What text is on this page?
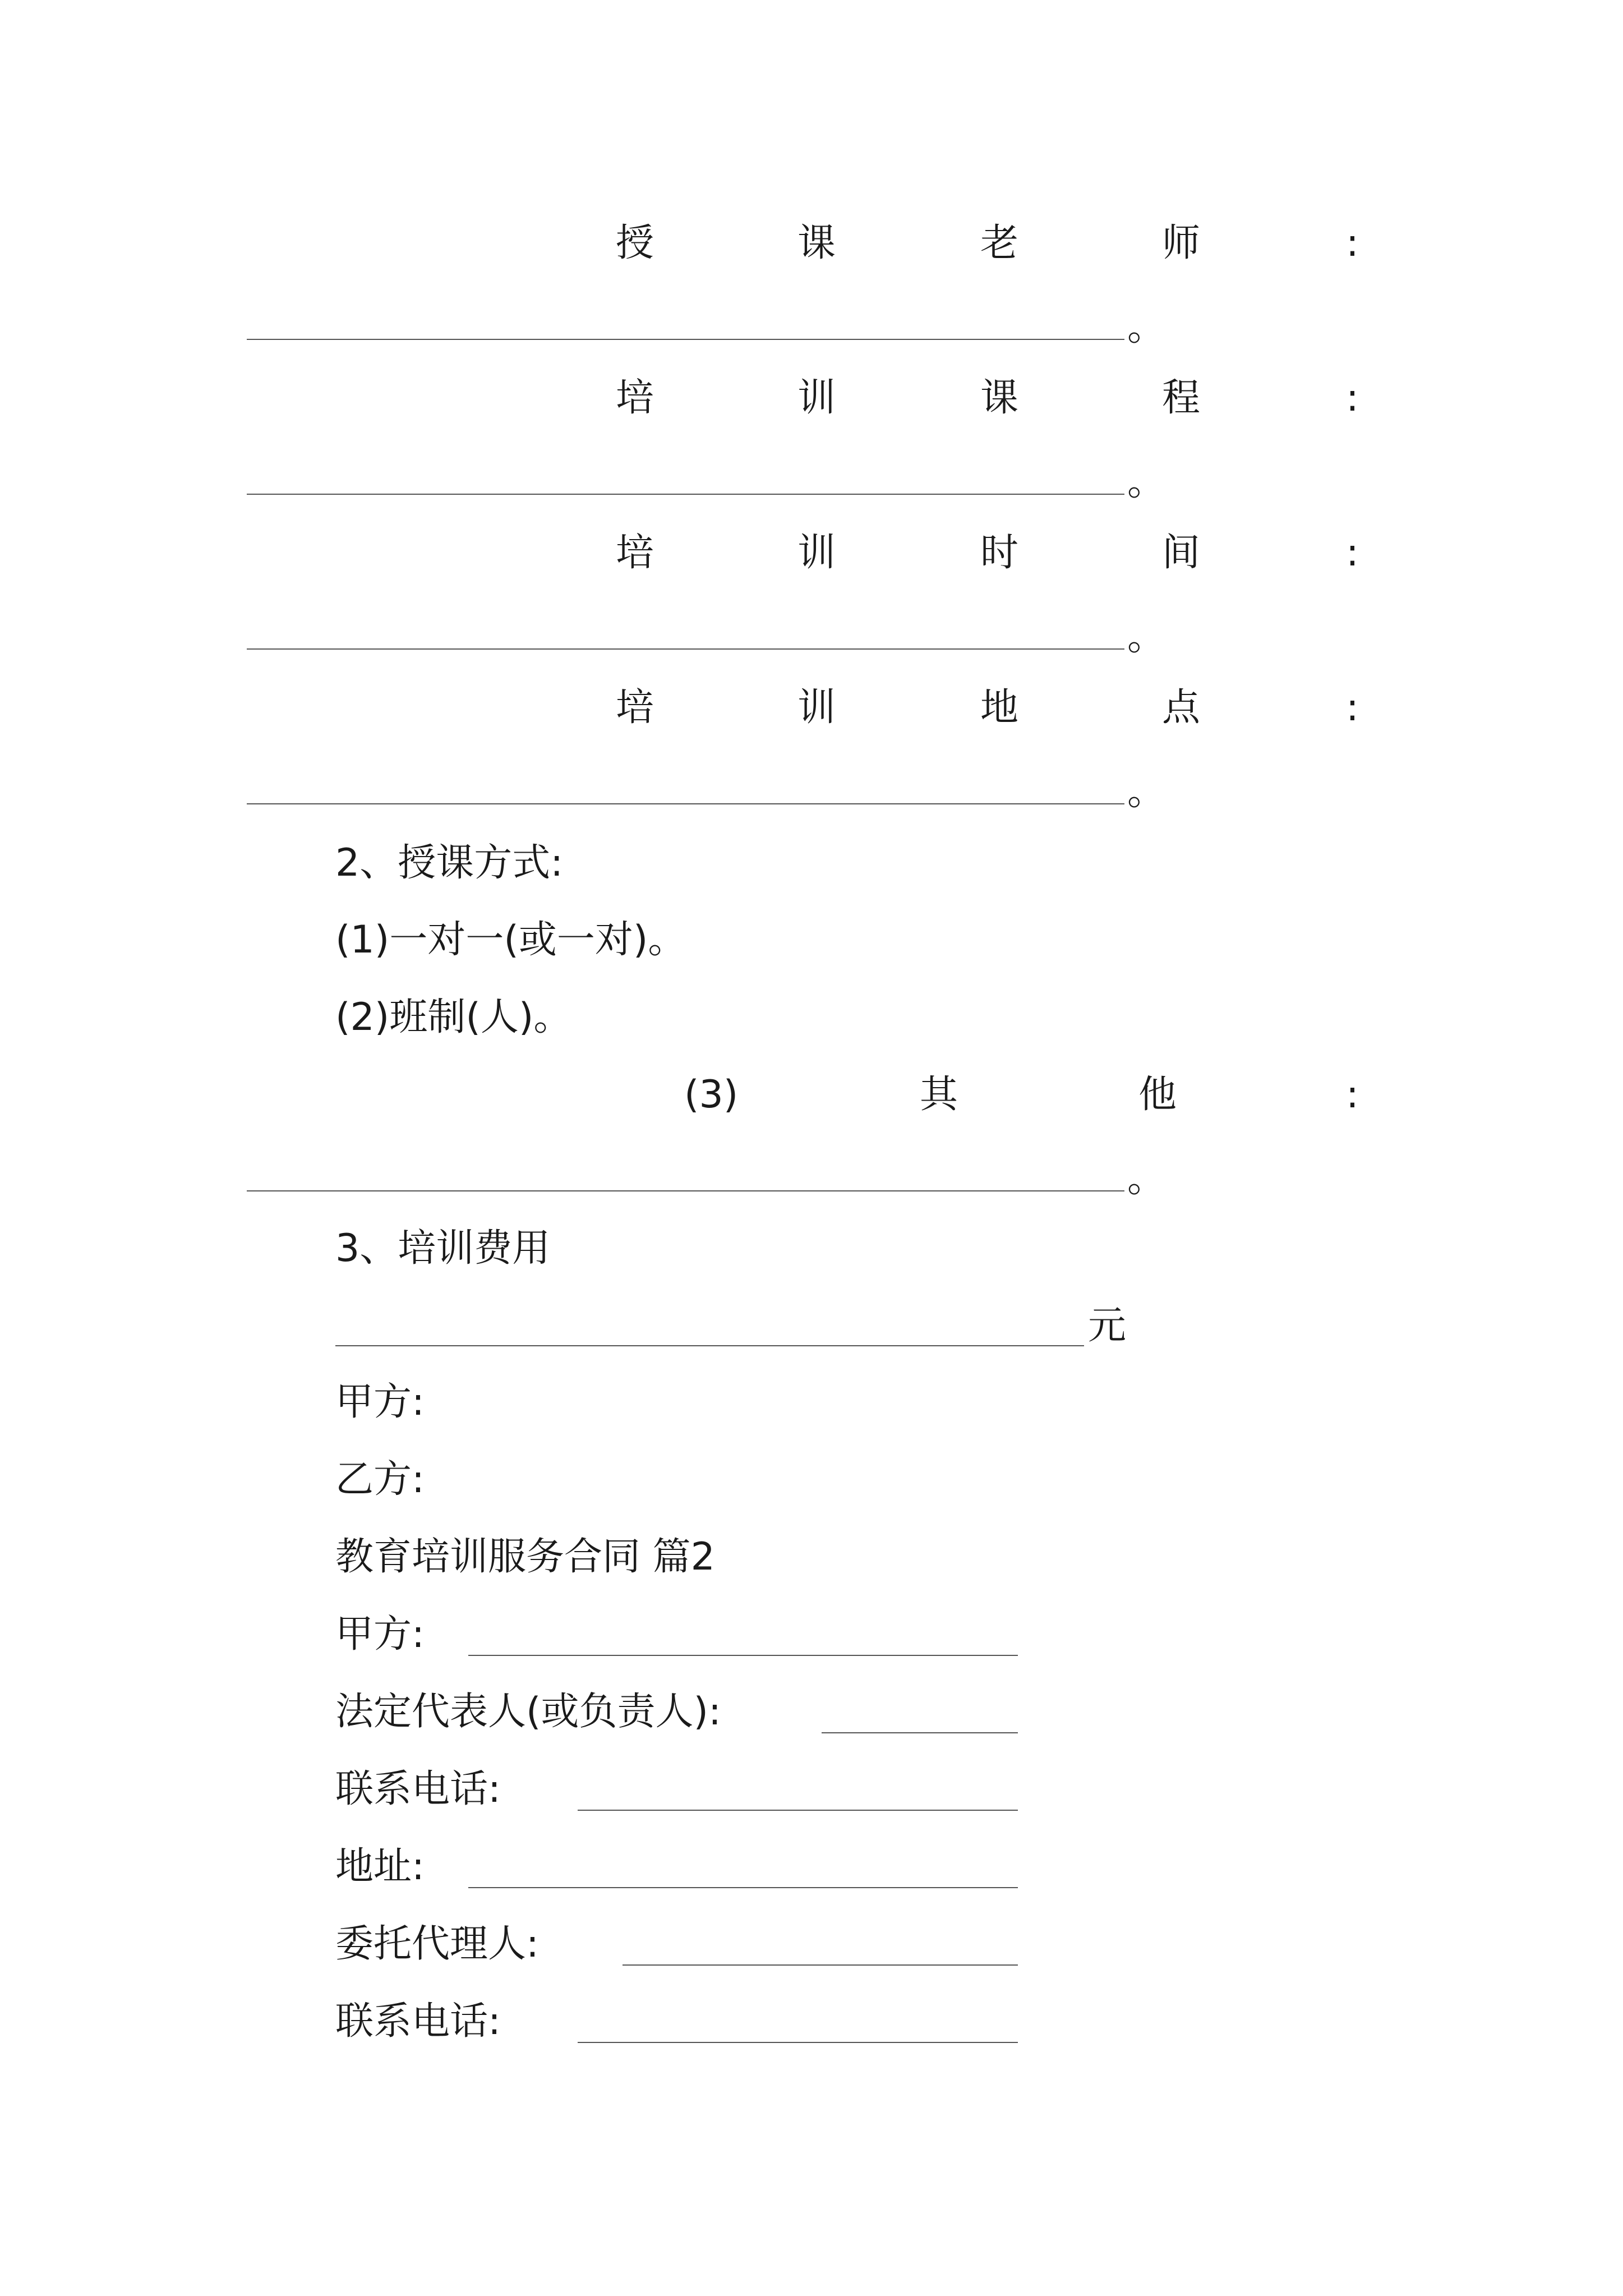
授	课	老	师	:
。
培	训	课	程	:
。
培	训	时	间	:
。
培	训	地	点	:
。
2、授课方式:
(1)一对一(或一对)。
(2)班制(人)。
(3)	其	他	:
。
3、培训费用
元
甲方:
乙方:
教育培训服务合同 篇2
甲方:
法定代表人(或负责人):
联系电话:
地址:
委托代理人:
联系电话:
